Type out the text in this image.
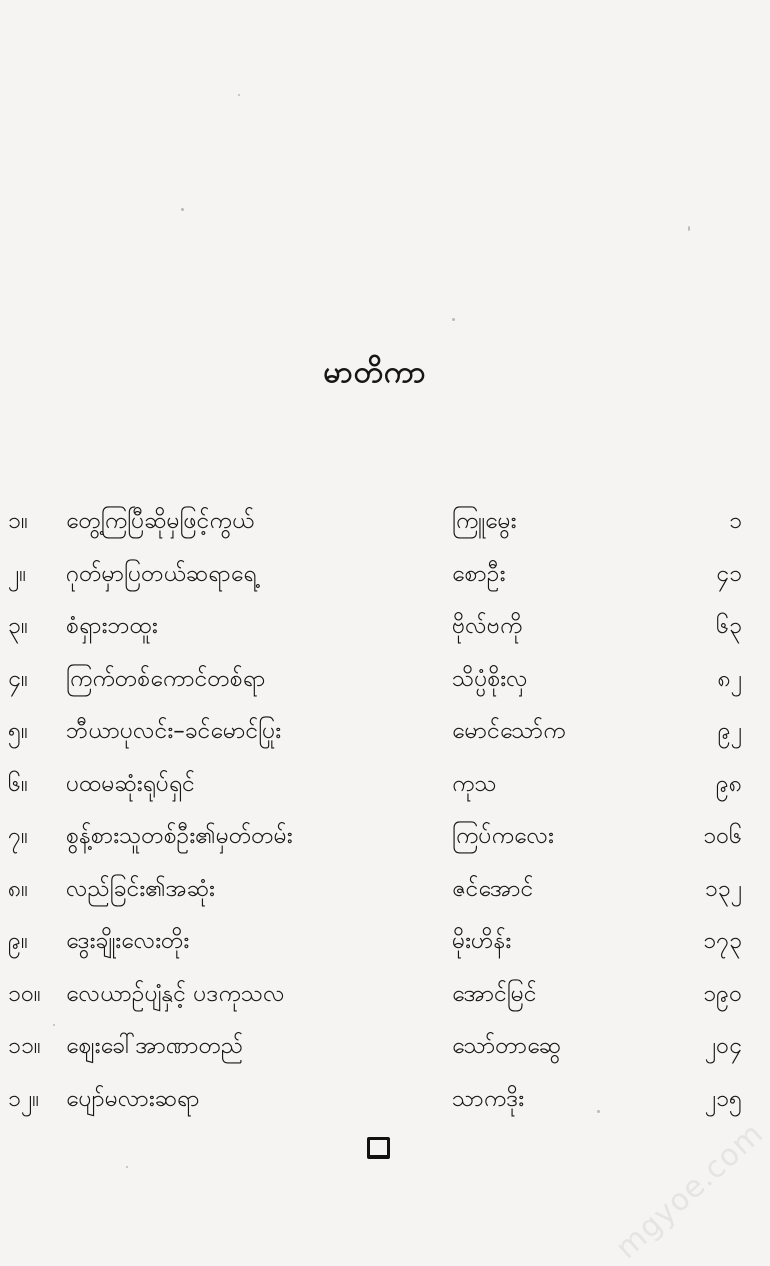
မာတိကာ
၁။	တွေ့ကြပြီဆိုမှဖြင့်ကွယ်	ကြူမွေး	၁
၂။	ဂုတ်မှာပြတယ်ဆရာရေ့	စောဦး	၄၁
၃။	စံရှားဘထူး	ဗိုလ်ဗကို	၆၃
၄။	ကြက်တစ်ကောင်တစ်ရာ	သိပ္ပံစိုးလှ	၈၂
၅။	ဘီယာပုလင်း–ခင်မောင်ပြုး	မောင်သော်က	၉၂
၆။	ပထမဆုံးရုပ်ရှင်	ကုသ	၉၈
၇။	စွန့်စားသူတစ်ဦး၏မှတ်တမ်း	ကြပ်ကလေး	၁၀၆
၈။	လည်ခြင်း၏အဆုံး	ဇင်အောင်	၁၃၂
၉။	ဒွေးချိုးလေးတိုး	မိုးဟိန်း	၁၇၃
၁၀။	လေယာဉ်ပျံနှင့် ပဒကုသလ	အောင်မြင်	၁၉၀
၁၁။	ဈေးခေါ်အာဏာတည်	သော်တာဆွေ	၂၀၄
၁၂။	ပျော်မလားဆရာ	သာကဒိုး	၂၁၅
mgyoe.com
